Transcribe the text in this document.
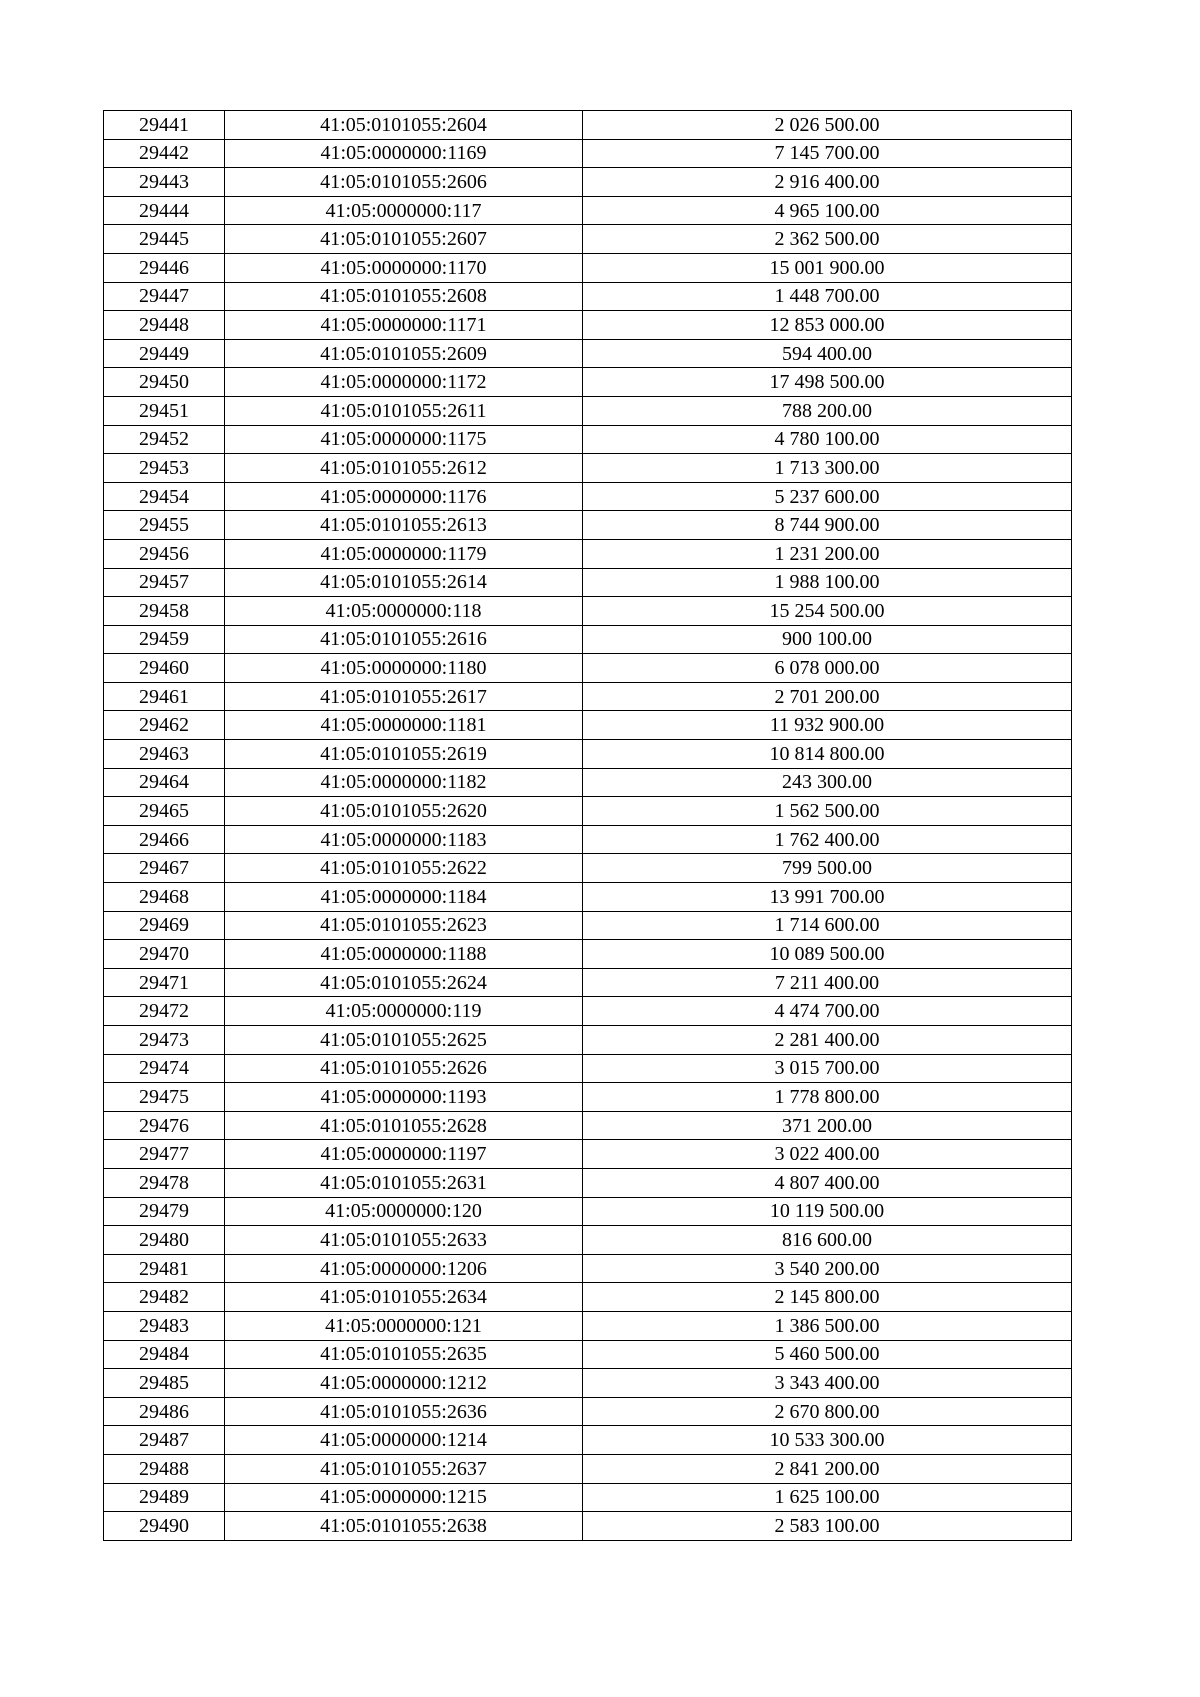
29441	41:05:0101055:2604	2 026 500.00
29442	41:05:0000000:1169	7 145 700.00
29443	41:05:0101055:2606	2 916 400.00
29444	41:05:0000000:117	4 965 100.00
29445	41:05:0101055:2607	2 362 500.00
29446	41:05:0000000:1170	15 001 900.00
29447	41:05:0101055:2608	1 448 700.00
29448	41:05:0000000:1171	12 853 000.00
29449	41:05:0101055:2609	594 400.00
29450	41:05:0000000:1172	17 498 500.00
29451	41:05:0101055:2611	788 200.00
29452	41:05:0000000:1175	4 780 100.00
29453	41:05:0101055:2612	1 713 300.00
29454	41:05:0000000:1176	5 237 600.00
29455	41:05:0101055:2613	8 744 900.00
29456	41:05:0000000:1179	1 231 200.00
29457	41:05:0101055:2614	1 988 100.00
29458	41:05:0000000:118	15 254 500.00
29459	41:05:0101055:2616	900 100.00
29460	41:05:0000000:1180	6 078 000.00
29461	41:05:0101055:2617	2 701 200.00
29462	41:05:0000000:1181	11 932 900.00
29463	41:05:0101055:2619	10 814 800.00
29464	41:05:0000000:1182	243 300.00
29465	41:05:0101055:2620	1 562 500.00
29466	41:05:0000000:1183	1 762 400.00
29467	41:05:0101055:2622	799 500.00
29468	41:05:0000000:1184	13 991 700.00
29469	41:05:0101055:2623	1 714 600.00
29470	41:05:0000000:1188	10 089 500.00
29471	41:05:0101055:2624	7 211 400.00
29472	41:05:0000000:119	4 474 700.00
29473	41:05:0101055:2625	2 281 400.00
29474	41:05:0101055:2626	3 015 700.00
29475	41:05:0000000:1193	1 778 800.00
29476	41:05:0101055:2628	371 200.00
29477	41:05:0000000:1197	3 022 400.00
29478	41:05:0101055:2631	4 807 400.00
29479	41:05:0000000:120	10 119 500.00
29480	41:05:0101055:2633	816 600.00
29481	41:05:0000000:1206	3 540 200.00
29482	41:05:0101055:2634	2 145 800.00
29483	41:05:0000000:121	1 386 500.00
29484	41:05:0101055:2635	5 460 500.00
29485	41:05:0000000:1212	3 343 400.00
29486	41:05:0101055:2636	2 670 800.00
29487	41:05:0000000:1214	10 533 300.00
29488	41:05:0101055:2637	2 841 200.00
29489	41:05:0000000:1215	1 625 100.00
29490	41:05:0101055:2638	2 583 100.00
